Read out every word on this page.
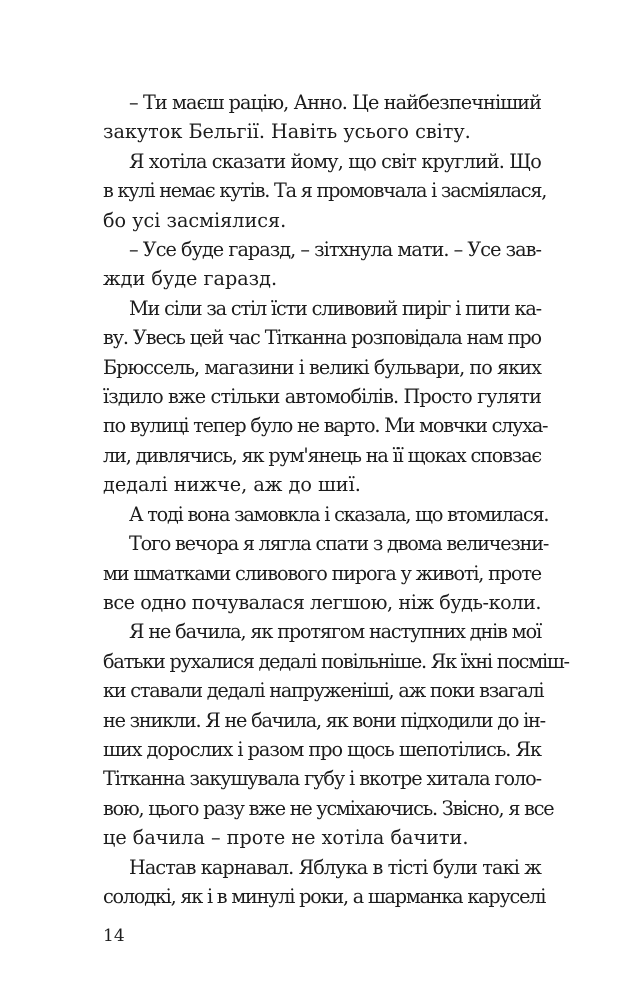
– Ти маєш рацію, Анно. Це найбезпечніший
закуток Бельгії. Навіть усього світу.
Я хотіла сказати йому, що світ круглий. Що
в кулі немає кутів. Та я промовчала і засміялася,
бо усі засміялися.
– Усе буде гаразд, – зітхнула мати. – Усе зав-
жди буде гаразд.
Ми сіли за стіл їсти сливовий пиріг і пити ка-
ву. Увесь цей час Тітканна розповідала нам про
Брюссель, магазини і великі бульвари, по яких
їздило вже стільки автомобілів. Просто гуляти
по вулиці тепер було не варто. Ми мовчки слуха-
ли, дивлячись, як рум'янець на її щоках сповзає
дедалі нижче, аж до шиї.
А тоді вона замовкла і сказала, що втомилася.
Того вечора я лягла спати з двома величезни-
ми шматками сливового пирога у животі, проте
все одно почувалася легшою, ніж будь-коли.
Я не бачила, як протягом наступних днів мої
батьки рухалися дедалі повільніше. Як їхні посміш-
ки ставали дедалі напруженіші, аж поки взагалі
не зникли. Я не бачила, як вони підходили до ін-
ших дорослих і разом про щось шепотілись. Як
Тітканна закушувала губу і вкотре хитала голо-
вою, цього разу вже не усміхаючись. Звісно, я все
це бачила – проте не хотіла бачити.
Настав карнавал. Яблука в тісті були такі ж
солодкі, як і в минулі роки, а шарманка каруселі
14
